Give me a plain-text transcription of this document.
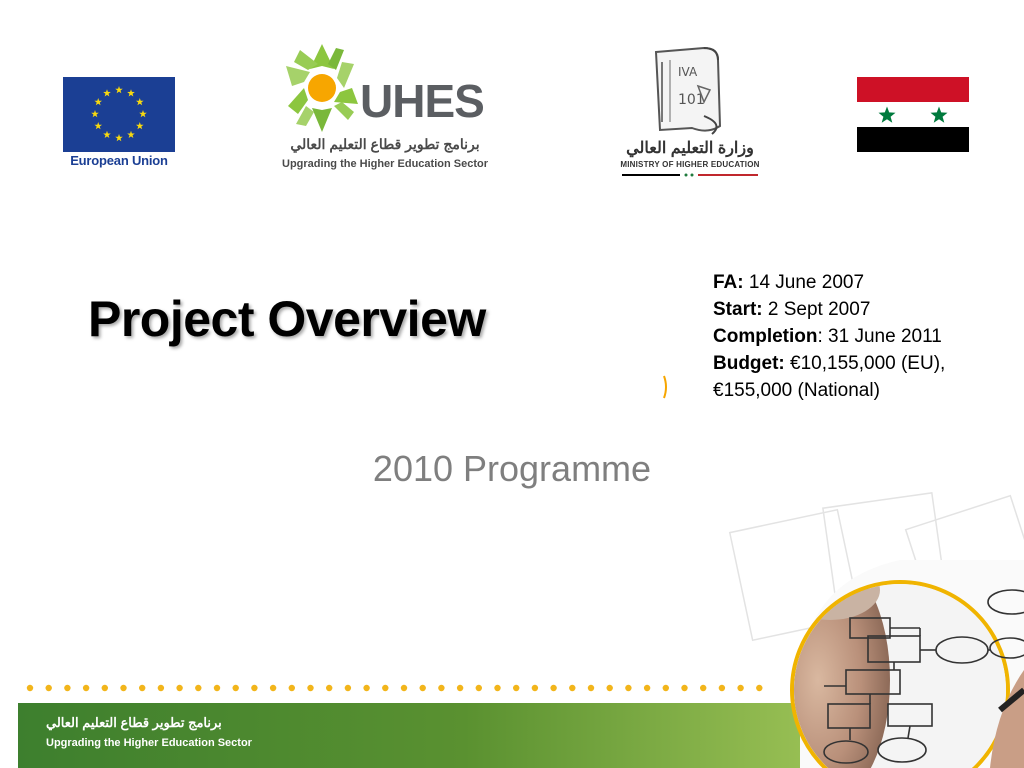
European Union
UHES
برنامج تطوير قطاع التعليم العالي
Upgrading the Higher Education Sector
IVA
101
وزارة التعليم العالي
MINISTRY OF HIGHER EDUCATION
Project Overview
FA: 14 June 2007
Start: 2 Sept 2007
Completion: 31 June 2011
Budget: €10,155,000 (EU),
€155,000 (National)
2010 Programme
برنامج تطوير قطاع التعليم العالي
Upgrading the Higher Education Sector
